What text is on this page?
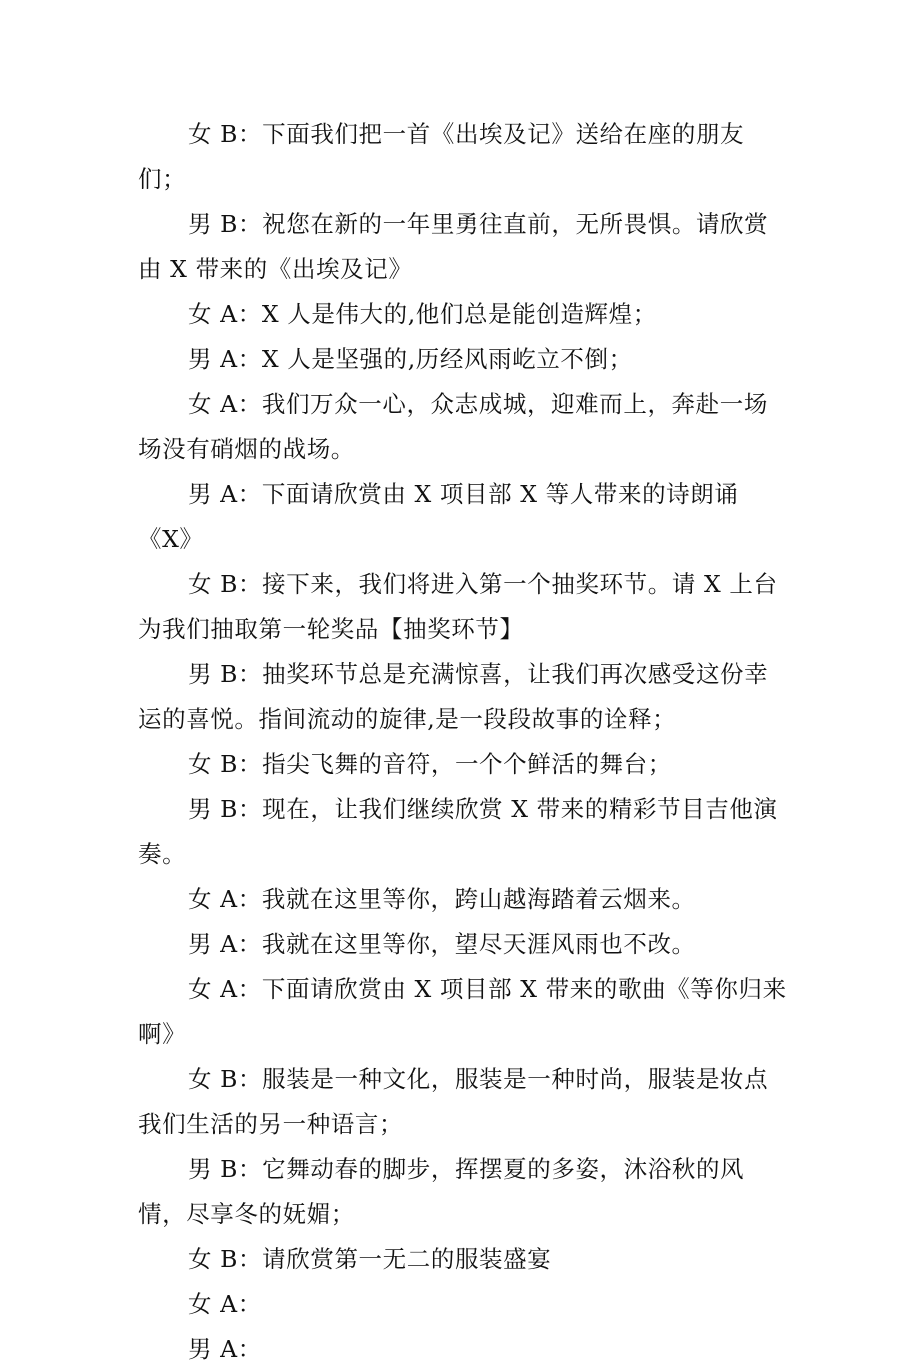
女 B：下面我们把一首《出埃及记》送给在座的朋友们；

男 B：祝您在新的一年里勇往直前，无所畏惧。请欣赏由 X 带来的《出埃及记》

女 A：X 人是伟大的,他们总是能创造辉煌；

男 A：X 人是坚强的,历经风雨屹立不倒；

女 A：我们万众一心，众志成城，迎难而上，奔赴一场场没有硝烟的战场。

男 A：下面请欣赏由 X 项目部 X 等人带来的诗朗诵《X》

女 B：接下来，我们将进入第一个抽奖环节。请 X 上台为我们抽取第一轮奖品【抽奖环节】

男 B：抽奖环节总是充满惊喜，让我们再次感受这份幸运的喜悦。指间流动的旋律,是一段段故事的诠释；

女 B：指尖飞舞的音符，一个个鲜活的舞台；

男 B：现在，让我们继续欣赏 X 带来的精彩节目吉他演奏。

女 A：我就在这里等你，跨山越海踏着云烟来。

男 A：我就在这里等你，望尽天涯风雨也不改。

女 A：下面请欣赏由 X 项目部 X 带来的歌曲《等你归来啊》

女 B：服装是一种文化，服装是一种时尚，服装是妆点我们生活的另一种语言；

男 B：它舞动春的脚步，挥摆夏的多姿，沐浴秋的风情，尽享冬的妩媚；

女 B：请欣赏第一无二的服装盛宴

女 A：

男 A：
